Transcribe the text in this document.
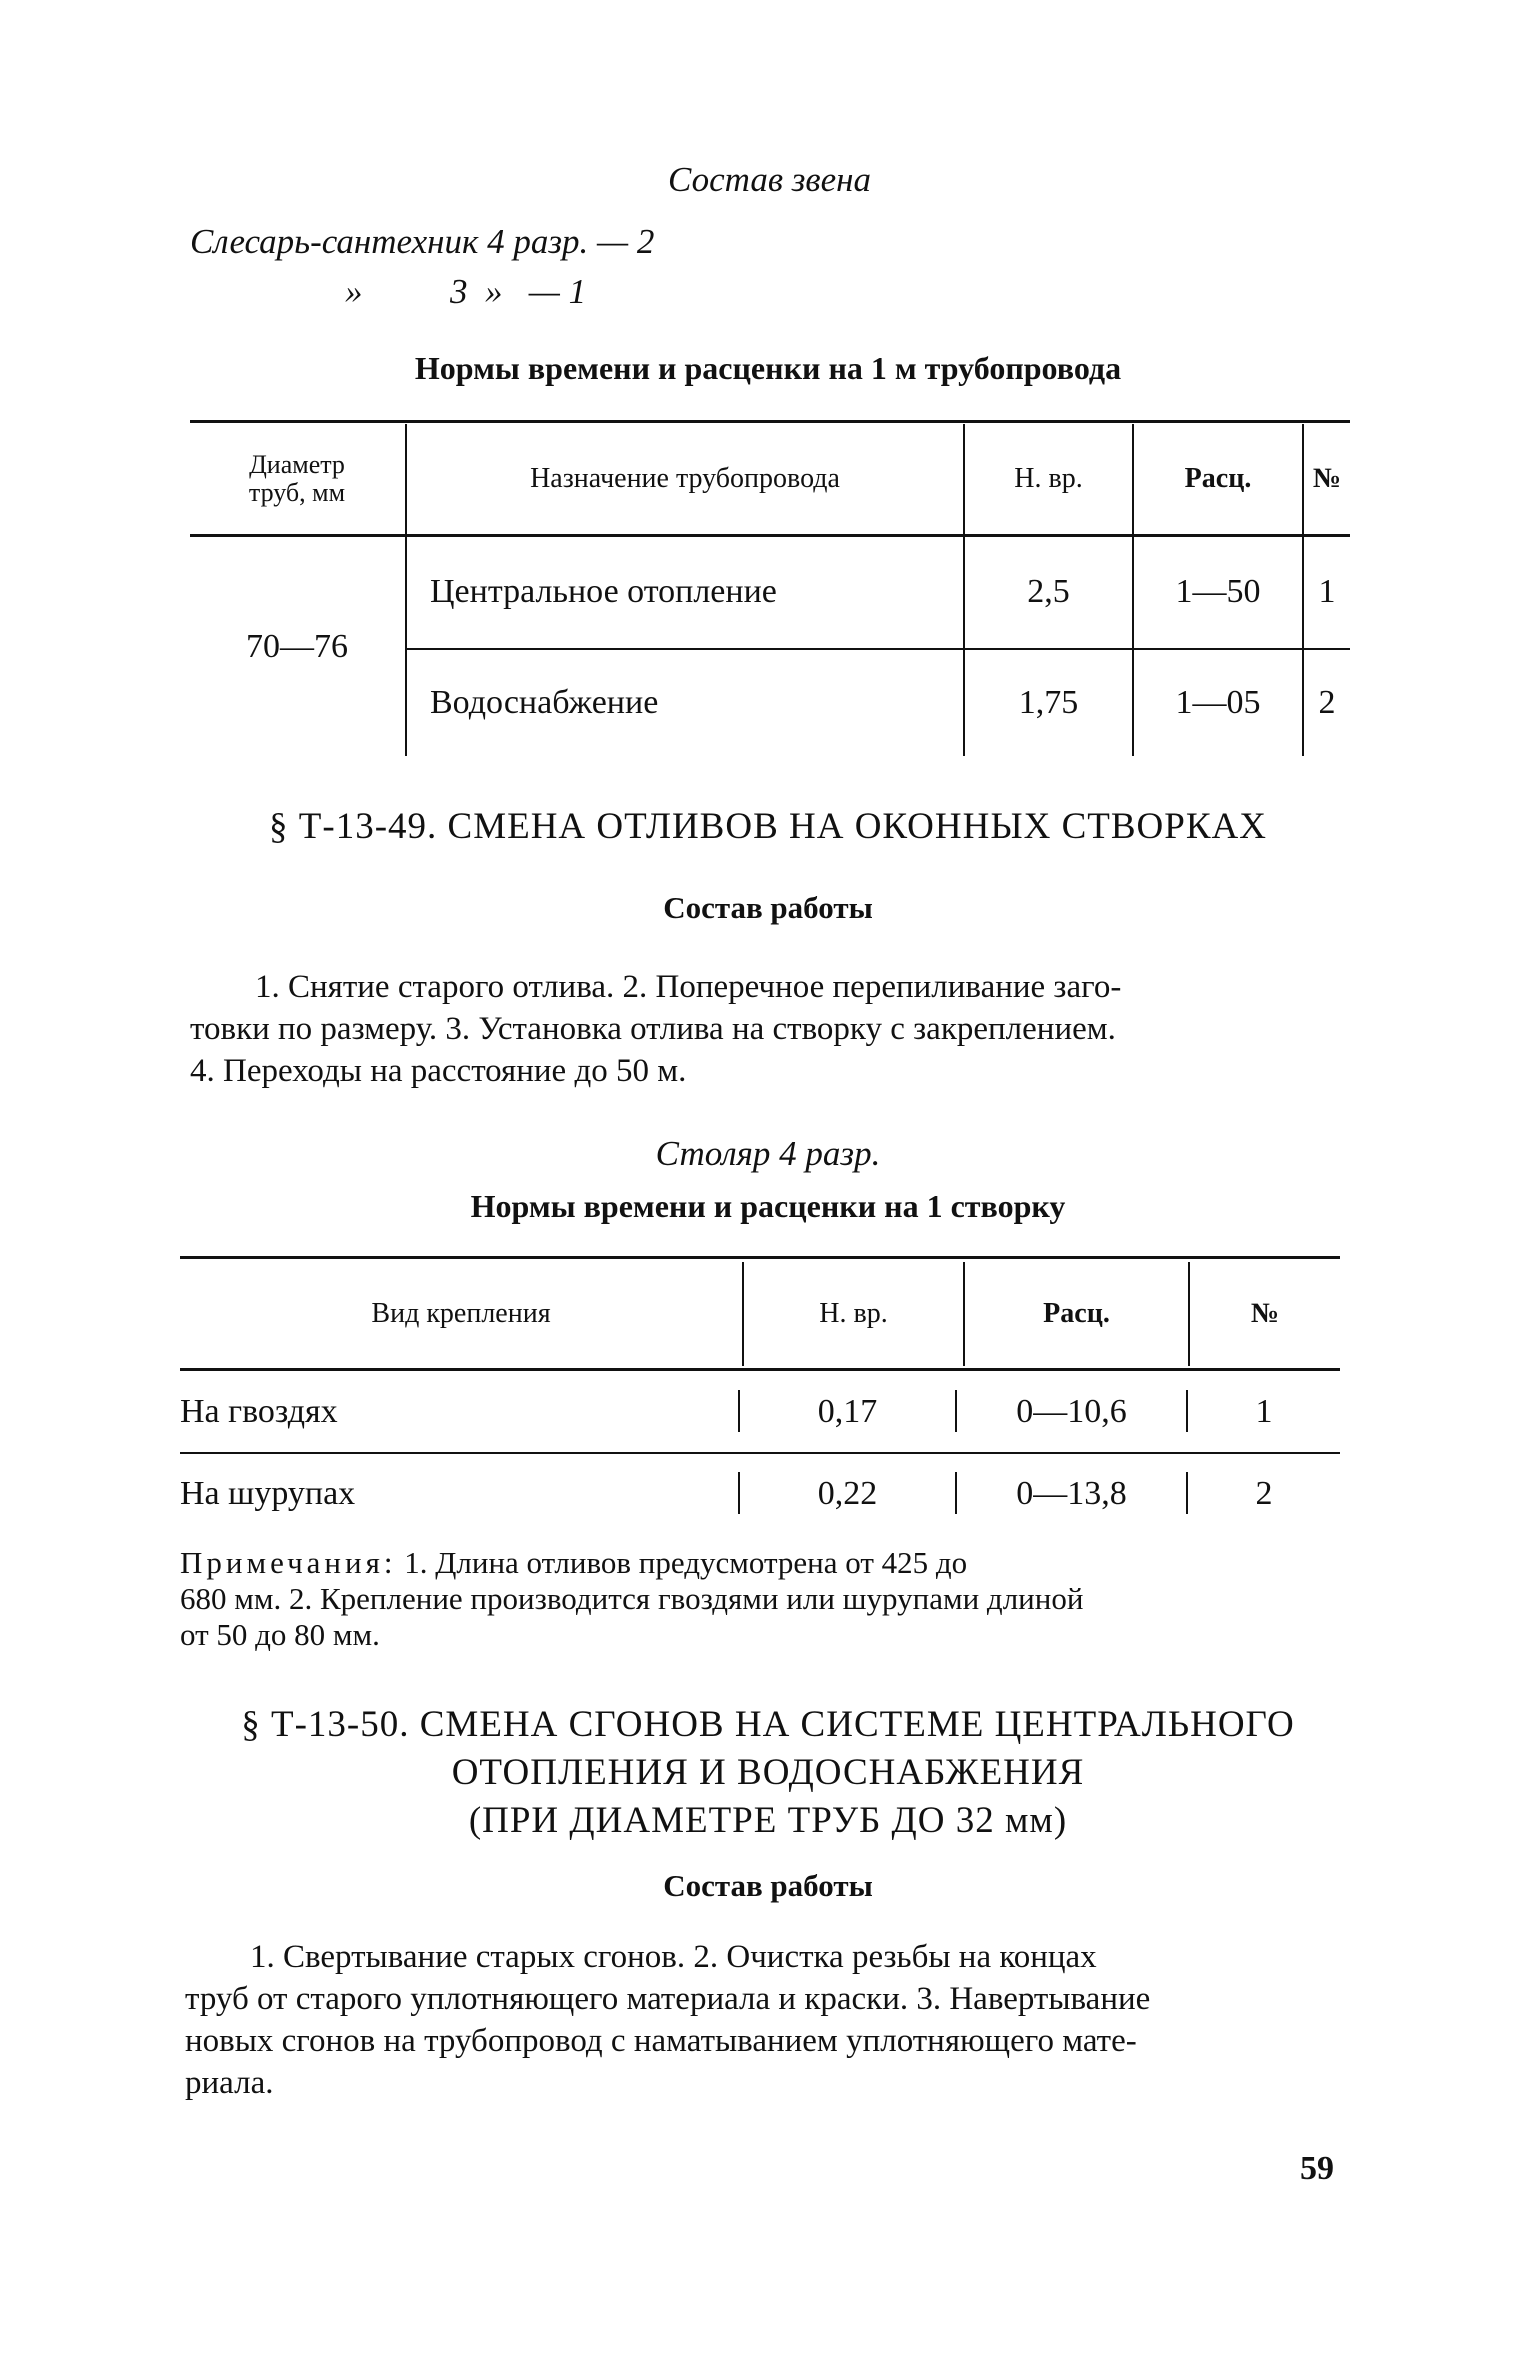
Состав звена
Слесарь-сантехник 4 разр. — 2
»          3  »   — 1
Нормы времени и расценки на 1 м трубопровода
Диаметр
труб, мм	Назначение трубопровода	Н. вр.	Расц.	№
70—76
Центральное отопление	2,5	1—50	1
Водоснабжение	1,75	1—05	2
§ Т-13-49. СМЕНА ОТЛИВОВ НА ОКОННЫХ СТВОРКАХ
Состав работы
1. Снятие старого отлива. 2. Поперечное перепиливание заго-
товки по размеру. 3. Установка отлива на створку с закреплением.
4. Переходы на расстояние до 50 м.
Столяр 4 разр.
Нормы времени и расценки на 1 створку
Вид крепления	Н. вр.	Расц.	№
На гвоздях	0,17	0—10,6	1
На шурупах	0,22	0—13,8	2
Примечания: 1. Длина отливов предусмотрена от 425 до
680 мм. 2. Крепление производится гвоздями или шурупами длиной
от 50 до 80 мм.
§ Т-13-50. СМЕНА СГОНОВ НА СИСТЕМЕ ЦЕНТРАЛЬНОГО
ОТОПЛЕНИЯ И ВОДОСНАБЖЕНИЯ
(ПРИ ДИАМЕТРЕ ТРУБ ДО 32 мм)
Состав работы
1. Свертывание старых сгонов. 2. Очистка резьбы на концах
труб от старого уплотняющего материала и краски. 3. Навертывание
новых сгонов на трубопровод с наматыванием уплотняющего мате-
риала.
59
